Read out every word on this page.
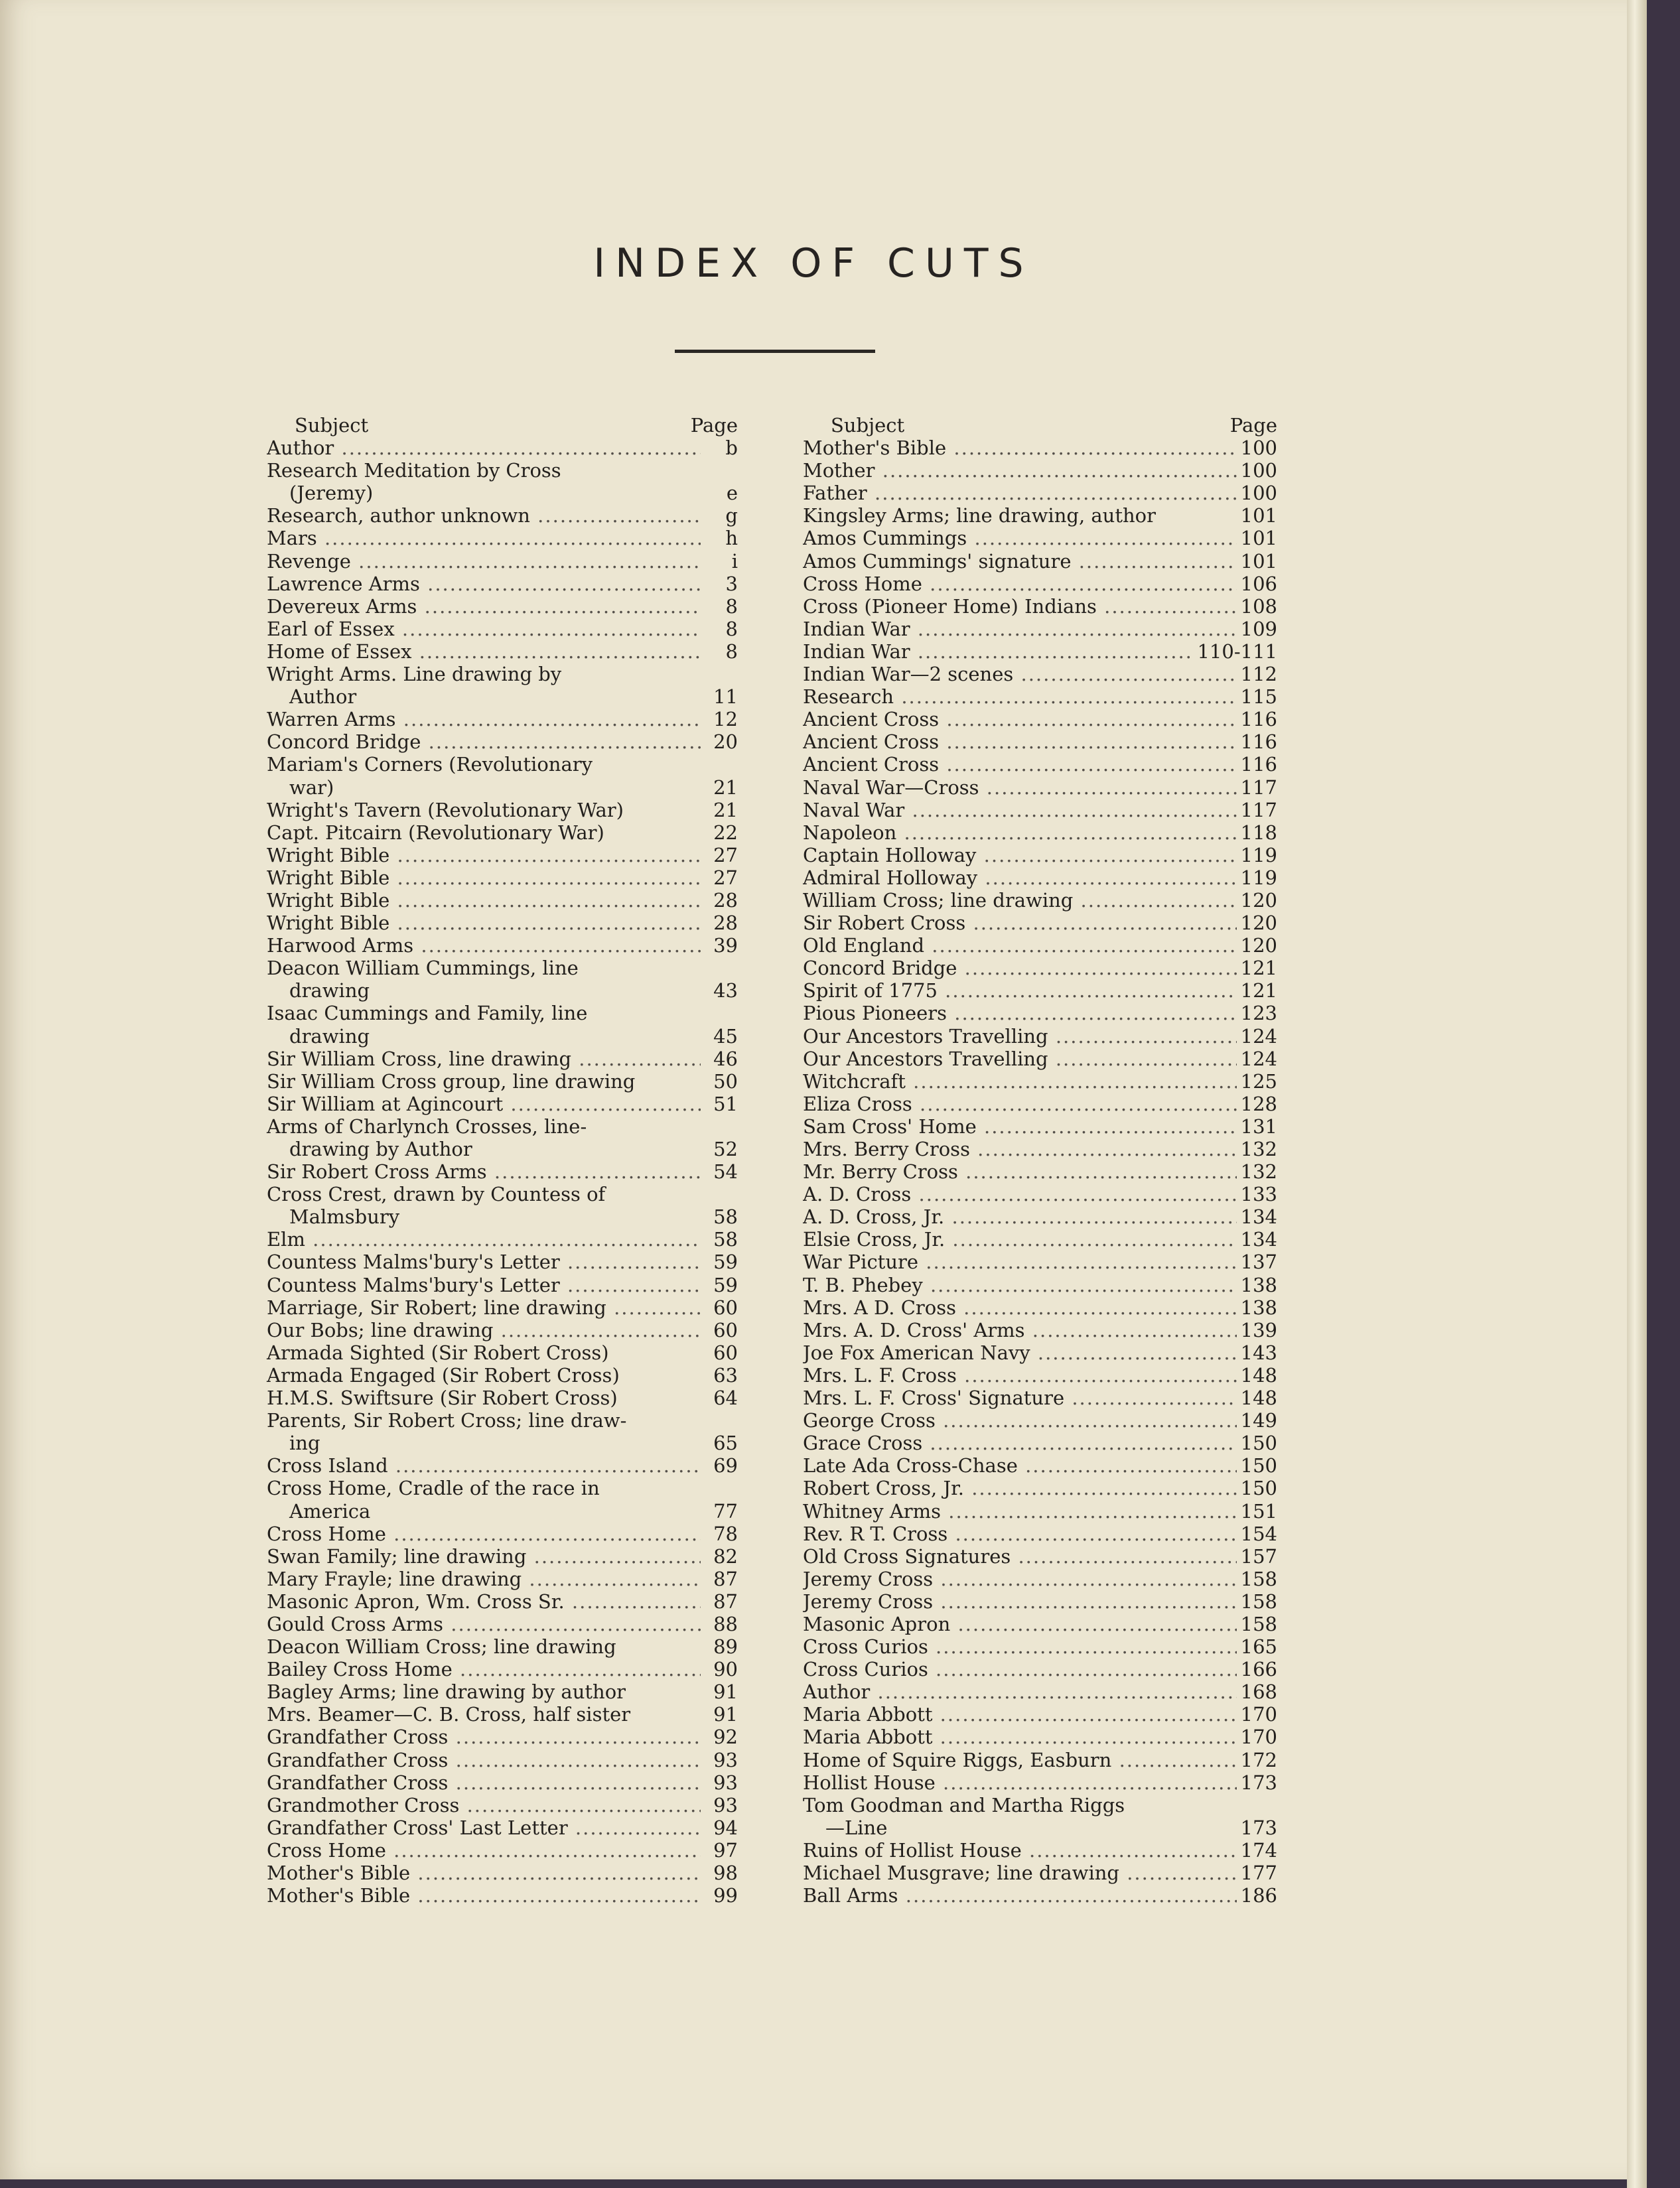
INDEX OF CUTS
Subject	Page
Author .....	b
Research Meditation by Cross
(Jeremy)	e
Research, author unknown .....	g
Mars .....	h
Revenge .....	i
Lawrence Arms .....	3
Devereux Arms .....	8
Earl of Essex .....	8
Home of Essex .....	8
Wright Arms. Line drawing by
Author	11
Warren Arms .....	12
Concord Bridge .....	20
Mariam's Corners (Revolutionary
war)	21
Wright's Tavern (Revolutionary War)	21
Capt. Pitcairn (Revolutionary War)	22
Wright Bible .....	27
Wright Bible .....	27
Wright Bible .....	28
Wright Bible .....	28
Harwood Arms .....	39
Deacon William Cummings, line
drawing	43
Isaac Cummings and Family, line
drawing	45
Sir William Cross, line drawing .....	46
Sir William Cross group, line drawing	50
Sir William at Agincourt .....	51
Arms of Charlynch Crosses, line-
drawing by Author	52
Sir Robert Cross Arms .....	54
Cross Crest, drawn by Countess of
Malmsbury	58
Elm .....	58
Countess Malms'bury's Letter .....	59
Countess Malms'bury's Letter .....	59
Marriage, Sir Robert; line drawing .....	60
Our Bobs; line drawing .....	60
Armada Sighted (Sir Robert Cross)	60
Armada Engaged (Sir Robert Cross)	63
H.M.S. Swiftsure (Sir Robert Cross)	64
Parents, Sir Robert Cross; line draw-
ing	65
Cross Island .....	69
Cross Home, Cradle of the race in
America	77
Cross Home .....	78
Swan Family; line drawing .....	82
Mary Frayle; line drawing .....	87
Masonic Apron, Wm. Cross Sr. .....	87
Gould Cross Arms .....	88
Deacon William Cross; line drawing	89
Bailey Cross Home .....	90
Bagley Arms; line drawing by author	91
Mrs. Beamer—C. B. Cross, half sister	91
Grandfather Cross .....	92
Grandfather Cross .....	93
Grandfather Cross .....	93
Grandmother Cross .....	93
Grandfather Cross' Last Letter .....	94
Cross Home .....	97
Mother's Bible .....	98
Mother's Bible .....	99
Subject	Page
Mother's Bible .....	100
Mother .....	100
Father .....	100
Kingsley Arms; line drawing, author	101
Amos Cummings .....	101
Amos Cummings' signature .....	101
Cross Home .....	106
Cross (Pioneer Home) Indians .....	108
Indian War .....	109
Indian War .....	110-111
Indian War—2 scenes .....	112
Research .....	115
Ancient Cross .....	116
Ancient Cross .....	116
Ancient Cross .....	116
Naval War—Cross .....	117
Naval War .....	117
Napoleon .....	118
Captain Holloway .....	119
Admiral Holloway .....	119
William Cross; line drawing .....	120
Sir Robert Cross .....	120
Old England .....	120
Concord Bridge .....	121
Spirit of 1775 .....	121
Pious Pioneers .....	123
Our Ancestors Travelling .....	124
Our Ancestors Travelling .....	124
Witchcraft .....	125
Eliza Cross .....	128
Sam Cross' Home .....	131
Mrs. Berry Cross .....	132
Mr. Berry Cross .....	132
A. D. Cross .....	133
A. D. Cross, Jr. .....	134
Elsie Cross, Jr. .....	134
War Picture .....	137
T. B. Phebey .....	138
Mrs. A D. Cross .....	138
Mrs. A. D. Cross' Arms .....	139
Joe Fox American Navy .....	143
Mrs. L. F. Cross .....	148
Mrs. L. F. Cross' Signature .....	148
George Cross .....	149
Grace Cross .....	150
Late Ada Cross-Chase .....	150
Robert Cross, Jr. .....	150
Whitney Arms .....	151
Rev. R T. Cross .....	154
Old Cross Signatures .....	157
Jeremy Cross .....	158
Jeremy Cross .....	158
Masonic Apron .....	158
Cross Curios .....	165
Cross Curios .....	166
Author .....	168
Maria Abbott .....	170
Maria Abbott .....	170
Home of Squire Riggs, Easburn .....	172
Hollist House .....	173
Tom Goodman and Martha Riggs
—Line	173
Ruins of Hollist House .....	174
Michael Musgrave; line drawing .....	177
Ball Arms .....	186
